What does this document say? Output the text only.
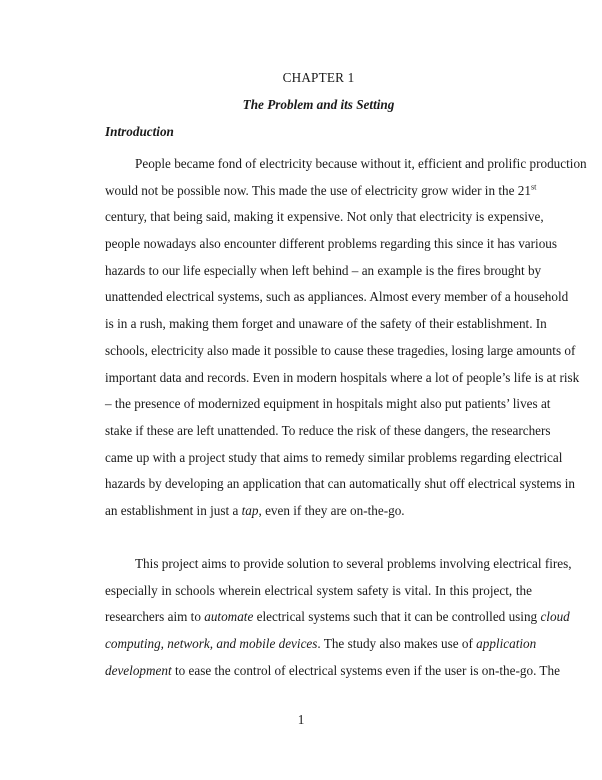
CHAPTER 1
The Problem and its Setting
Introduction
People became fond of electricity because without it, efficient and prolific production
would not be possible now. This made the use of electricity grow wider in the 21st
century, that being said, making it expensive. Not only that electricity is expensive,
people nowadays also encounter different problems regarding this since it has various
hazards to our life especially when left behind – an example is the fires brought by
unattended electrical systems, such as appliances. Almost every member of a household
is in a rush, making them forget and unaware of the safety of their establishment. In
schools, electricity also made it possible to cause these tragedies, losing large amounts of
important data and records. Even in modern hospitals where a lot of people’s life is at risk
– the presence of modernized equipment in hospitals might also put patients’ lives at
stake if these are left unattended. To reduce the risk of these dangers, the researchers
came up with a project study that aims to remedy similar problems regarding electrical
hazards by developing an application that can automatically shut off electrical systems in
an establishment in just a tap, even if they are on-the-go.
This project aims to provide solution to several problems involving electrical fires,
especially in schools wherein electrical system safety is vital. In this project, the
researchers aim to automate electrical systems such that it can be controlled using cloud
computing, network, and mobile devices. The study also makes use of application
development to ease the control of electrical systems even if the user is on-the-go. The
1
